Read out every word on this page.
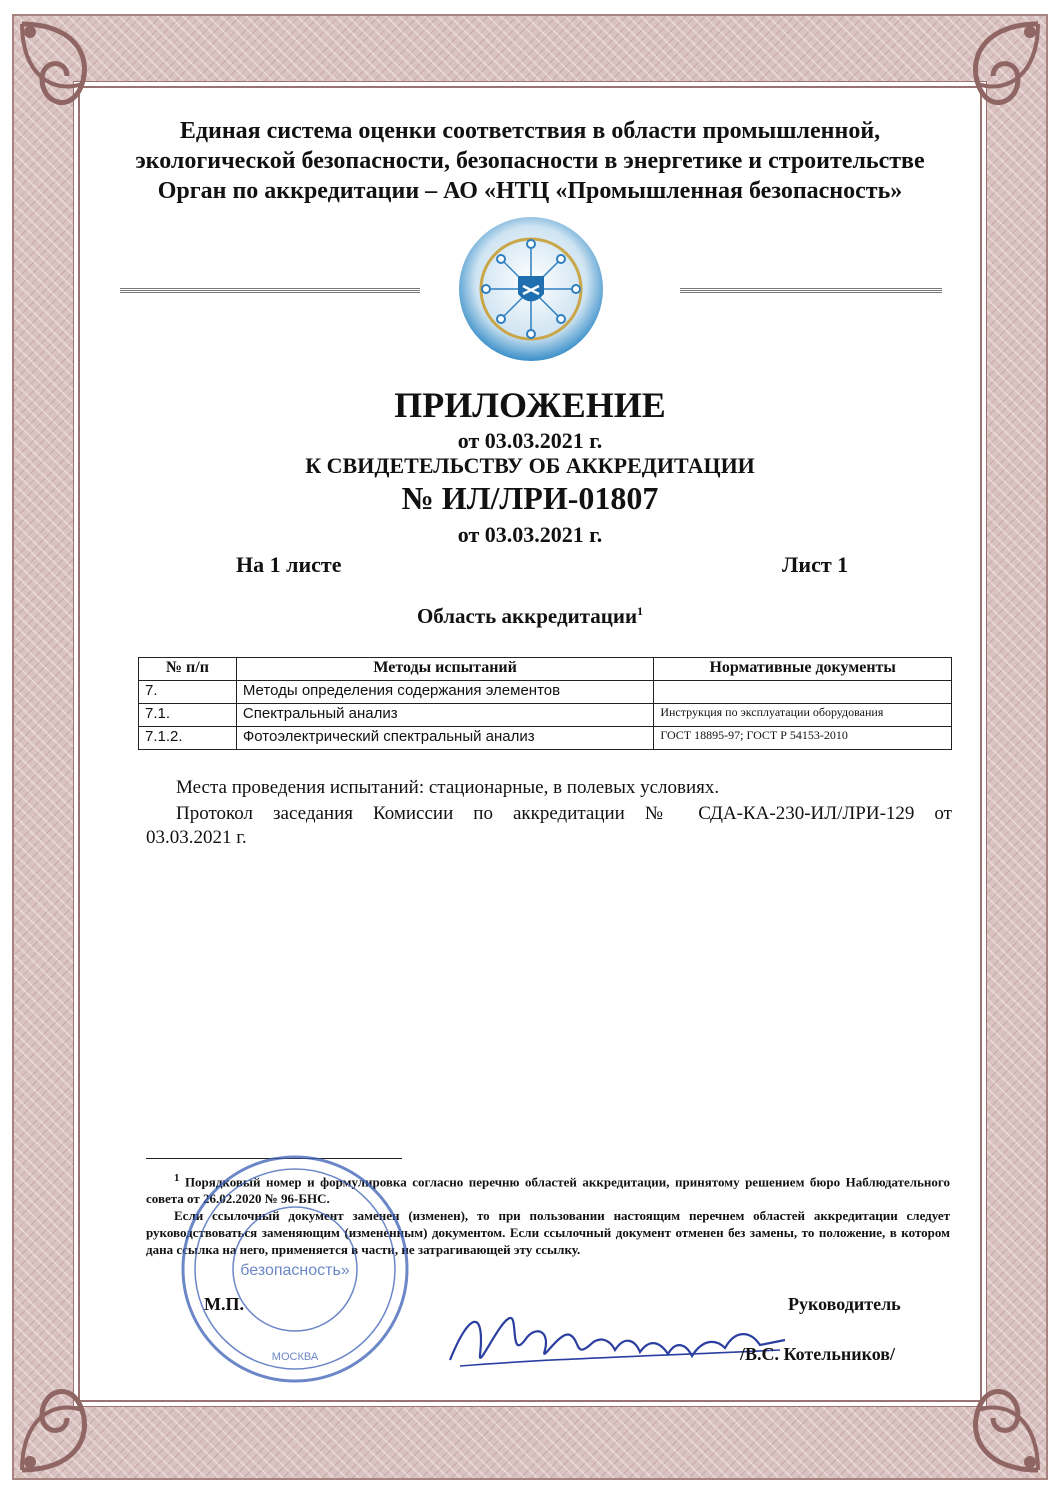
Единая система оценки соответствия в области промышленной,
экологической безопасности, безопасности в энергетике и строительстве
Орган по аккредитации – АО «НТЦ «Промышленная безопасность»
ПРИЛОЖЕНИЕ
от 03.03.2021 г.
К СВИДЕТЕЛЬСТВУ ОБ АККРЕДИТАЦИИ
№ ИЛ/ЛРИ-01807
от 03.03.2021 г.
На 1 листе	Лист 1
Область аккредитации$^1$
№ п/п	Методы испытаний	Нормативные документы
7.	Методы определения содержания элементов	
7.1.	Спектральный анализ	Инструкция по эксплуатации оборудования
7.1.2.	Фотоэлектрический спектральный анализ	ГОСТ 18895-97; ГОСТ Р 54153-2010
Места проведения испытаний: стационарные, в полевых условиях.
Протокол заседания Комиссии по аккредитации № СДА-КА-230-ИЛ/ЛРИ-129 от
03.03.2021 г.
$^1$ Порядковый номер и формулировка согласно перечню областей аккредитации, принятому решением бюро Наблюдательного совета от 26.02.2020 № 96-БНС.
Если ссылочный документ заменен (изменен), то при пользовании настоящим перечнем областей аккредитации следует руководствоваться заменяющим (измененным) документом. Если ссылочный документ отменен без замены, то положение, в котором дана ссылка на него, применяется в части, не затрагивающей эту ссылку.
безопасность»
МОСКВА
М.П.	Руководитель
/В.С. Котельников/
